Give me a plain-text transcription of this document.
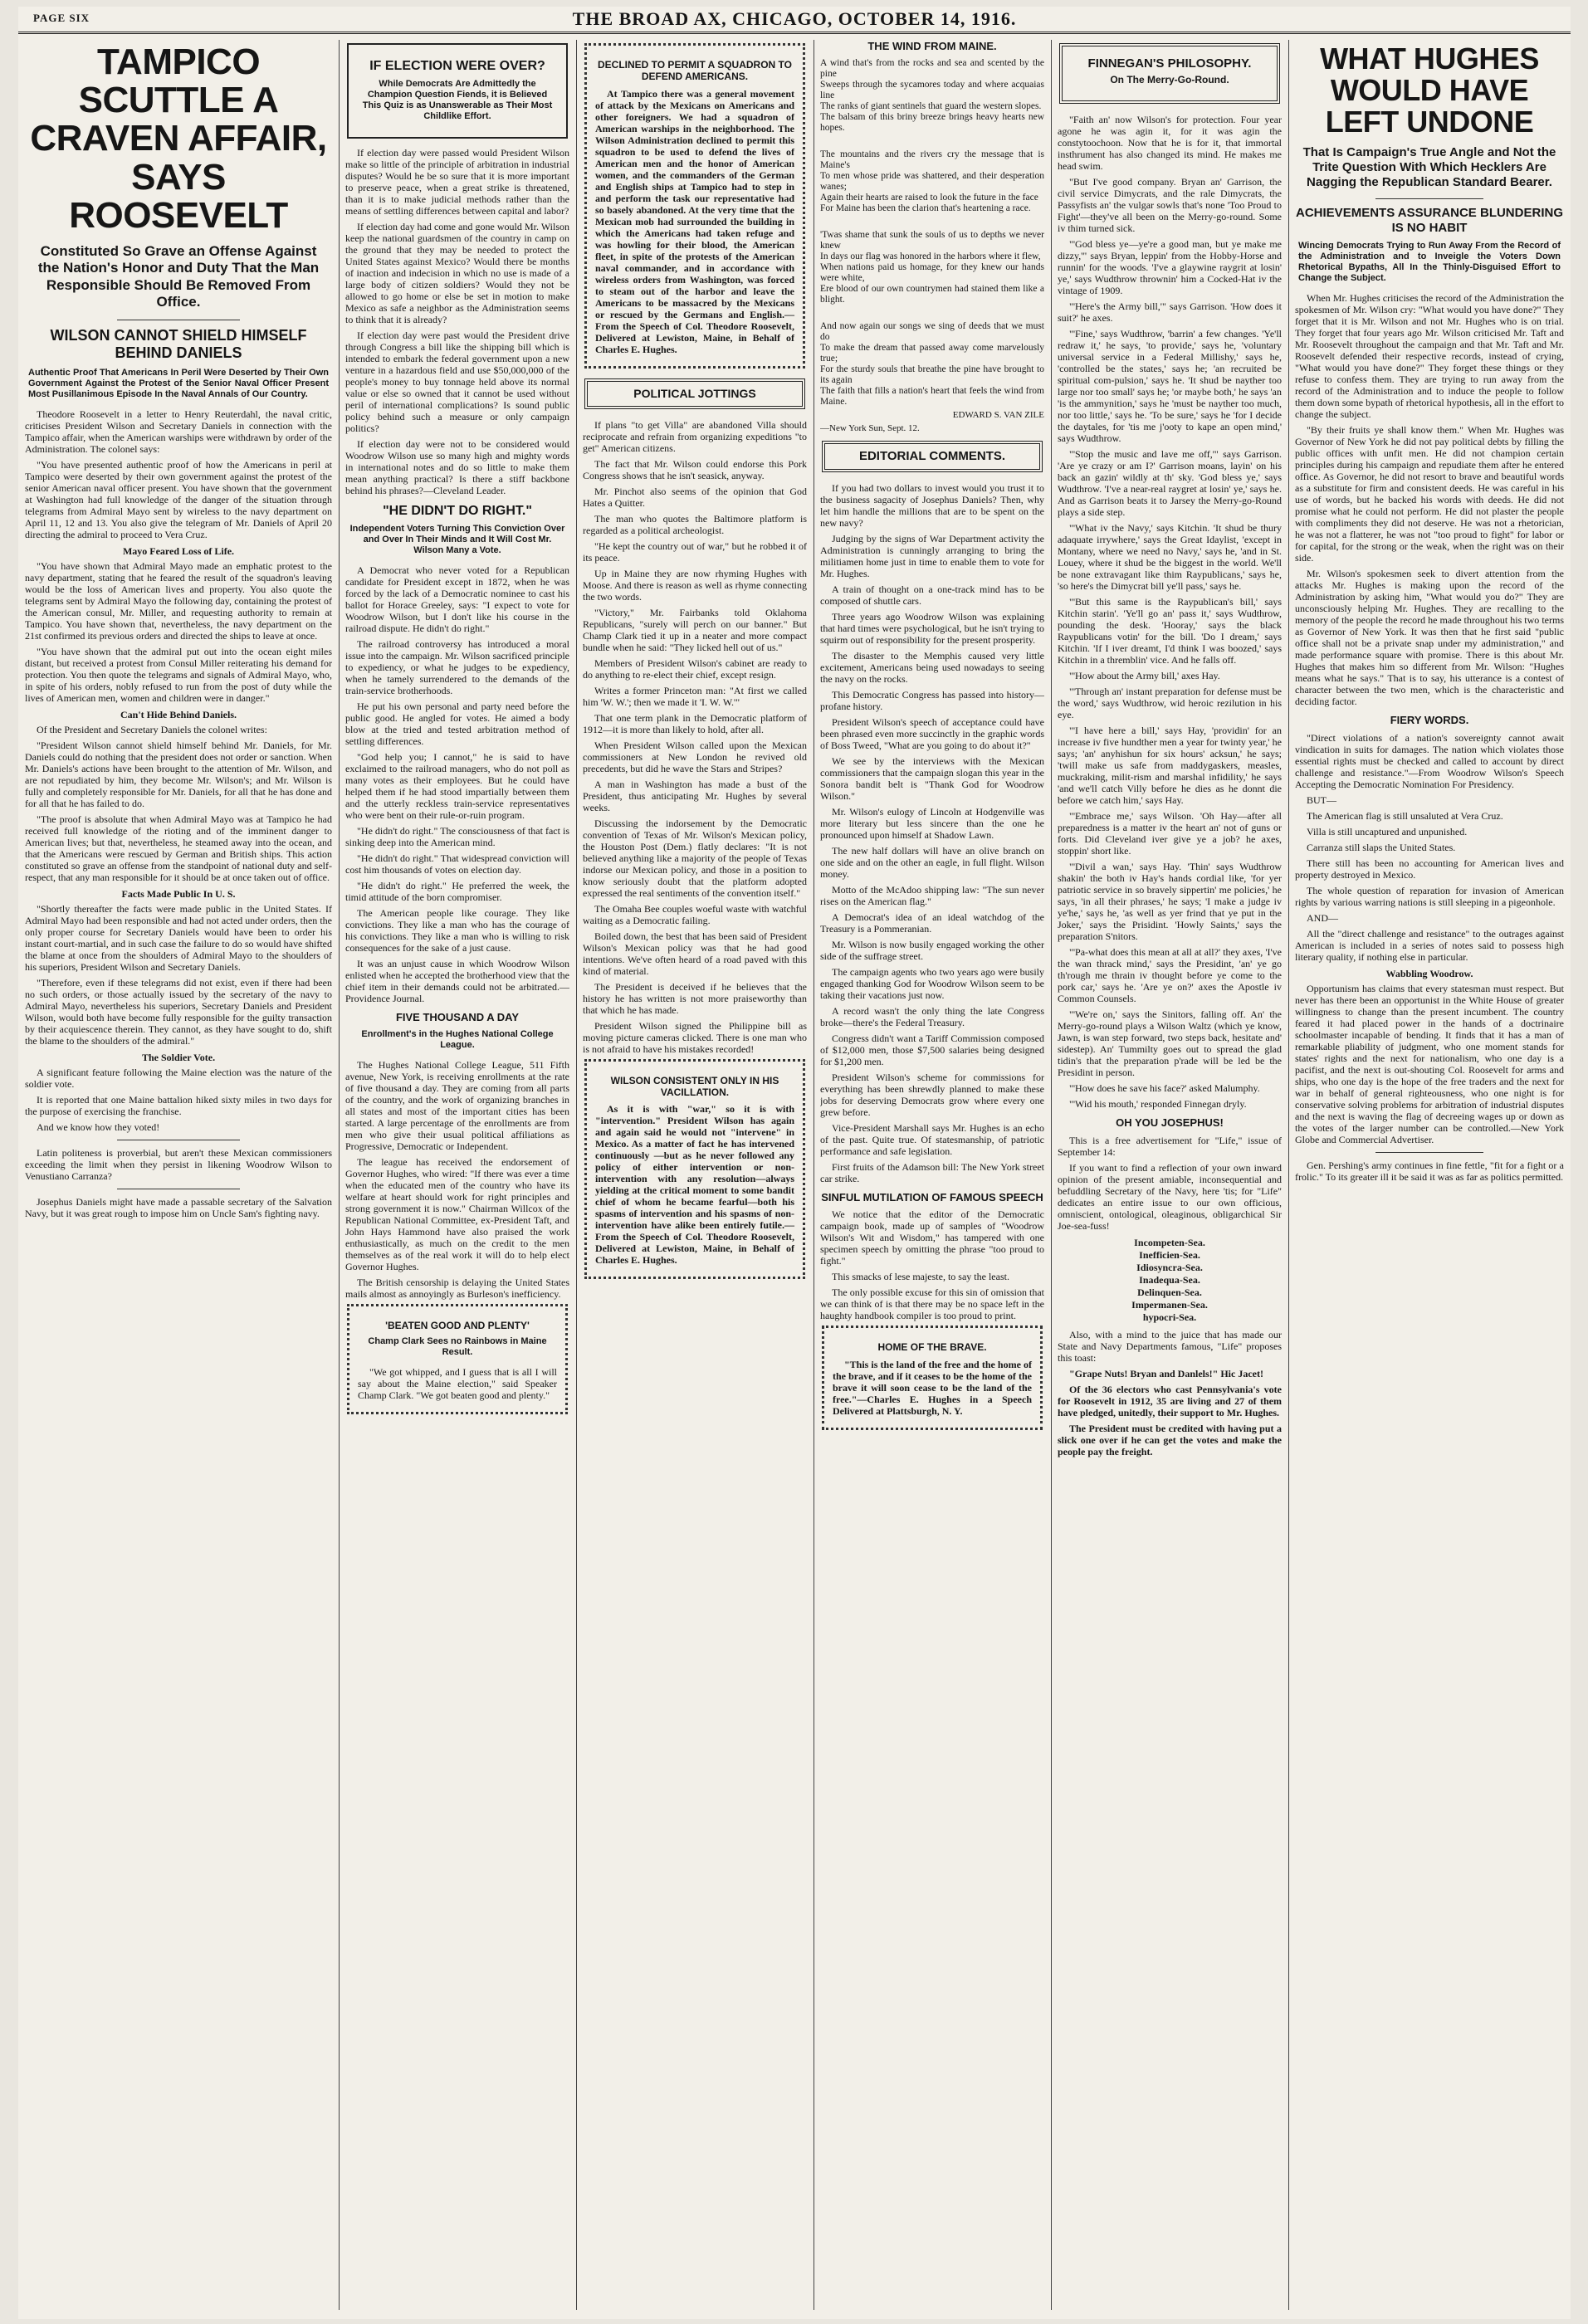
PAGE SIX	THE BROAD AX, CHICAGO, OCTOBER 14, 1916.
TAMPICO SCUTTLE A CRAVEN AFFAIR, SAYS ROOSEVELT
Constituted So Grave an Offense Against the Nation's Honor and Duty That the Man Responsible Should Be Removed From Office.
WILSON CANNOT SHIELD HIMSELF BEHIND DANIELS
Authentic Proof That Americans In Peril Were Deserted by Their Own Government Against the Protest of the Senior Naval Officer Present Most Pusillanimous Episode In the Naval Annals of Our Country.

Theodore Roosevelt in a letter to Henry Reuterdahl, the naval critic, criticises President Wilson and Secretary Daniels in connection with the Tampico affair, when the American warships were withdrawn by order of the Administration. The colonel says:

"You have presented authentic proof of how the Americans in peril at Tampico were deserted by their own government against the protest of the senior American naval officer present. You have shown that the government at Washington had full knowledge of the danger of the situation through telegrams from Admiral Mayo sent by wireless to the navy department on April 11, 12 and 13. You also give the telegram of Mr. Daniels of April 20 directing the admiral to proceed to Vera Cruz.

Mayo Feared Loss of Life.

"You have shown that Admiral Mayo made an emphatic protest to the navy department, stating that he feared the result of the squadron's leaving would be the loss of American lives and property. You also quote the telegrams sent by Admiral Mayo the following day, containing the protest of the American consul, Mr. Miller, and requesting authority to remain at Tampico. You have shown that, nevertheless, the navy department on the 21st confirmed its previous orders and directed the ships to leave at once.

"You have shown that the admiral put out into the ocean eight miles distant, but received a protest from Consul Miller reiterating his demand for protection. You then quote the telegrams and signals of Admiral Mayo, who, in spite of his orders, nobly refused to run from the post of duty while the lives of American men, women and children were in danger."

Can't Hide Behind Daniels.

Of the President and Secretary Daniels the colonel writes:

"President Wilson cannot shield himself behind Mr. Daniels, for Mr. Daniels could do nothing that the president does not order or sanction. When Mr. Daniels's actions have been brought to the attention of Mr. Wilson, and are not repudiated by him, they become Mr. Wilson's; and Mr. Wilson is fully and completely responsible for Mr. Daniels, for all that he has done and for all that he has failed to do.

"The proof is absolute that when Admiral Mayo was at Tampico he had received full knowledge of the rioting and of the imminent danger to American lives; but that, nevertheless, he steamed away into the ocean, and that the Americans were rescued by German and British ships. This action constituted so grave an offense from the standpoint of national duty and self-respect, that any man responsible for it should be at once taken out of office.

Facts Made Public In U. S.

"Shortly thereafter the facts were made public in the United States. If Admiral Mayo had been responsible and had not acted under orders, then the only proper course for Secretary Daniels would have been to order his instant court-martial, and in such case the failure to do so would have shifted the blame at once from the shoulders of Admiral Mayo to the shoulders of his superiors, President Wilson and Secretary Daniels.

"Therefore, even if these telegrams did not exist, even if there had been no such orders, or those actually issued by the secretary of the navy to Admiral Mayo, nevertheless his superiors, Secretary Daniels and President Wilson, would both have become fully responsible for the guilty transaction by their acquiescence therein. They cannot, as they have sought to do, shift the blame to the shoulders of the admiral."

The Soldier Vote.

A significant feature following the Maine election was the nature of the soldier vote.

It is reported that one Maine battalion hiked sixty miles in two days for the purpose of exercising the franchise.

And we know how they voted!

Latin politeness is proverbial, but aren't these Mexican commissioners exceeding the limit when they persist in likening Woodrow Wilson to Venustiano Carranza?

Josephus Daniels might have made a passable secretary of the Salvation Navy, but it was great rough to impose him on Uncle Sam's fighting navy.

IF ELECTION WERE OVER?
While Democrats Are Admittedly the Champion Question Fiends, it is Believed This Quiz is as Unanswerable as Their Most Childlike Effort.

If election day were passed would President Wilson make so little of the principle of arbitration in industrial disputes? Would he be so sure that it is more important to preserve peace, when a great strike is threatened, than it is to make judicial methods rather than the means of settling differences between capital and labor?

If election day had come and gone would Mr. Wilson keep the national guardsmen of the country in camp on the ground that they may be needed to protect the United States against Mexico? Would there be months of inaction and indecision in which no use is made of a large body of citizen soldiers? Would they not be allowed to go home or else be set in motion to make Mexico as safe a neighbor as the Administration seems to think that it is already?

If election day were past would the President drive through Congress a bill like the shipping bill which is intended to embark the federal government upon a new venture in a hazardous field and use $50,000,000 of the people's money to buy tonnage held above its normal value or else so owned that it cannot be used without peril of international complications? Is sound public policy behind such a measure or only campaign politics?

If election day were not to be considered would Woodrow Wilson use so many high and mighty words in international notes and do so little to make them mean anything practical? Is there a stiff backbone behind his phrases?—Cleveland Leader.

"HE DIDN'T DO RIGHT."
Independent Voters Turning This Conviction Over and Over In Their Minds and It Will Cost Mr. Wilson Many a Vote.

A Democrat who never voted for a Republican candidate for President except in 1872, when he was forced by the lack of a Democratic nominee to cast his ballot for Horace Greeley, says: "I expect to vote for Woodrow Wilson, but I don't like his course in the railroad dispute. He didn't do right."

The railroad controversy has introduced a moral issue into the campaign. Mr. Wilson sacrificed principle to expediency, or what he judges to be expediency, when he tamely surrendered to the demands of the train-service brotherhoods.

He put his own personal and party need before the public good. He angled for votes. He aimed a body blow at the tried and tested arbitration method of settling differences.

"God help you; I cannot," he is said to have exclaimed to the railroad managers, who do not poll as many votes as their employees. But he could have helped them if he had stood impartially between them and the utterly reckless train-service representatives who were bent on their rule-or-ruin program.

"He didn't do right." The consciousness of that fact is sinking deep into the American mind.

"He didn't do right." That widespread conviction will cost him thousands of votes on election day.

"He didn't do right." He preferred the week, the timid attitude of the born compromiser.

The American people like courage. They like convictions. They like a man who has the courage of his convictions. They like a man who is willing to risk consequences for the sake of a just cause.

It was an unjust cause in which Woodrow Wilson enlisted when he accepted the brotherhood view that the chief item in their demands could not be arbitrated.—Providence Journal.

FIVE THOUSAND A DAY
Enrollment's in the Hughes National College League.

The Hughes National College League, 511 Fifth avenue, New York, is receiving enrollments at the rate of five thousand a day. They are coming from all parts of the country, and the work of organizing branches in all states and most of the important cities has been started. A large percentage of the enrollments are from men who give their usual political affiliations as Progressive, Democratic or Independent.

The league has received the endorsement of Governor Hughes, who wired: "If there was ever a time when the educated men of the country who have its welfare at heart should work for right principles and strong government it is now." Chairman Willcox of the Republican National Committee, ex-President Taft, and John Hays Hammond have also praised the work enthusiastically, as much on the credit to the men themselves as of the real work it will do to help elect Governor Hughes.

The British censorship is delaying the United States mails almost as annoyingly as Burleson's inefficiency.

'BEATEN GOOD AND PLENTY'
Champ Clark Sees no Rainbows in Maine Result.

"We got whipped, and I guess that is all I will say about the Maine election," said Speaker Champ Clark. "We got beaten good and plenty."

DECLINED TO PERMIT A SQUADRON TO DEFEND AMERICANS.

At Tampico there was a general movement of attack by the Mexicans on Americans and other foreigners. We had a squadron of American warships in the neighborhood. The Wilson Administration declined to permit this squadron to be used to defend the lives of American men and the honor of American women, and the commanders of the German and English ships at Tampico had to step in and perform the task our representative had so basely abandoned. At the very time that the Mexican mob had surrounded the building in which the Americans had taken refuge and was howling for their blood, the American fleet, in spite of the protests of the American naval commander, and in accordance with wireless orders from Washington, was forced to steam out of the harbor and leave the Americans to be massacred by the Mexicans or rescued by the Germans and English.—From the Speech of Col. Theodore Roosevelt, Delivered at Lewiston, Maine, in Behalf of Charles E. Hughes.

POLITICAL JOTTINGS

If plans "to get Villa" are abandoned Villa should reciprocate and refrain from organizing expeditions "to get" American citizens.

The fact that Mr. Wilson could endorse this Pork Congress shows that he isn't seasick, anyway.

Mr. Pinchot also seems of the opinion that God Hates a Quitter.

The man who quotes the Baltimore platform is regarded as a political archeologist.

"He kept the country out of war," but he robbed it of its peace.

Up in Maine they are now rhyming Hughes with Moose. And there is reason as well as rhyme connecting the two words.

"Victory," Mr. Fairbanks told Oklahoma Republicans, "surely will perch on our banner." But Champ Clark tied it up in a neater and more compact bundle when he said: "They licked hell out of us."

Members of President Wilson's cabinet are ready to do anything to re-elect their chief, except resign.

Writes a former Princeton man: "At first we called him 'W. W.'; then we made it 'I. W. W.'"

That one term plank in the Democratic platform of 1912—it is more than likely to hold, after all.

When President Wilson called upon the Mexican commissioners at New London he revived old precedents, but did he wave the Stars and Stripes?

A man in Washington has made a bust of the President, thus anticipating Mr. Hughes by several weeks.

Discussing the indorsement by the Democratic convention of Texas of Mr. Wilson's Mexican policy, the Houston Post (Dem.) flatly declares: "It is not believed anything like a majority of the people of Texas indorse our Mexican policy, and those in a position to know seriously doubt that the platform adopted expressed the real sentiments of the convention itself."

The Omaha Bee couples woeful waste with watchful waiting as a Democratic failing.

Boiled down, the best that has been said of President Wilson's Mexican policy was that he had good intentions. We've often heard of a road paved with this kind of material.

The President is deceived if he believes that the history he has written is not more praiseworthy than that which he has made.

President Wilson signed the Philippine bill as moving picture cameras clicked. There is one man who is not afraid to have his mistakes recorded!

WILSON CONSISTENT ONLY IN HIS VACILLATION.

As it is with "war," so it is with "intervention." President Wilson has again and again said he would not "intervene" in Mexico. As a matter of fact he has intervened continuously —but as he never followed any policy of either intervention or non-intervention with any resolution—always yielding at the critical moment to some bandit chief of whom he became fearful—both his spasms of intervention and his spasms of non-intervention have alike been entirely futile.—From the Speech of Col. Theodore Roosevelt, Delivered at Lewiston, Maine, in Behalf of Charles E. Hughes.

THE WIND FROM MAINE.

A wind that's from the rocks and sea and scented by the pine

Sweeps through the sycamores today and where acquaias line

The ranks of giant sentinels that guard the western slopes.

The balsam of this briny breeze brings heavy hearts new hopes.

The mountains and the rivers cry the message that is Maine's

To men whose pride was shattered, and their desperation wanes;

Again their hearts are raised to look the future in the face

For Maine has been the clarion that's heartening a race.

'Twas shame that sunk the souls of us to depths we never knew

In days our flag was honored in the harbors where it flew,

When nations paid us homage, for they knew our hands were white,

Ere blood of our own countrymen had stained them like a blight.

And now again our songs we sing of deeds that we must do

To make the dream that passed away come marvelously true;

For the sturdy souls that breathe the pine have brought to its again

The faith that fills a nation's heart that feels the wind from Maine.

EDWARD S. VAN ZILE
—New York Sun, Sept. 12.
EDITORIAL COMMENTS.

If you had two dollars to invest would you trust it to the business sagacity of Josephus Daniels? Then, why let him handle the millions that are to be spent on the new navy?

Judging by the signs of War Department activity the Administration is cunningly arranging to bring the militiamen home just in time to enable them to vote for Mr. Hughes.

A train of thought on a one-track mind has to be composed of shuttle cars.

Three years ago Woodrow Wilson was explaining that hard times were psychological, but he isn't trying to squirm out of responsibility for the present prosperity.

The disaster to the Memphis caused very little excitement, Americans being used nowadays to seeing the navy on the rocks.

This Democratic Congress has passed into history—profane history.

President Wilson's speech of acceptance could have been phrased even more succinctly in the graphic words of Boss Tweed, "What are you going to do about it?"

We see by the interviews with the Mexican commissioners that the campaign slogan this year in the Sonora bandit belt is "Thank God for Woodrow Wilson."

Mr. Wilson's eulogy of Lincoln at Hodgenville was more literary but less sincere than the one he pronounced upon himself at Shadow Lawn.

The new half dollars will have an olive branch on one side and on the other an eagle, in full flight. Wilson money.

Motto of the McAdoo shipping law: "The sun never rises on the American flag."

A Democrat's idea of an ideal watchdog of the Treasury is a Pommeranian.

Mr. Wilson is now busily engaged working the other side of the suffrage street.

The campaign agents who two years ago were busily engaged thanking God for Woodrow Wilson seem to be taking their vacations just now.

A record wasn't the only thing the late Congress broke—there's the Federal Treasury.

Congress didn't want a Tariff Commission composed of $12,000 men, those $7,500 salaries being designed for $1,200 men.

President Wilson's scheme for commissions for everything has been shrewdly planned to make these jobs for deserving Democrats grow where every one grew before.

Vice-President Marshall says Mr. Hughes is an echo of the past. Quite true. Of statesmanship, of patriotic performance and safe legislation.

First fruits of the Adamson bill: The New York street car strike.

SINFUL MUTILATION OF FAMOUS SPEECH

We notice that the editor of the Democratic campaign book, made up of samples of "Woodrow Wilson's Wit and Wisdom," has tampered with one specimen speech by omitting the phrase "too proud to fight."

This smacks of lese majeste, to say the least.

The only possible excuse for this sin of omission that we can think of is that there may be no space left in the haughty handbook compiler is too proud to print.

HOME OF THE BRAVE.

"This is the land of the free and the home of the brave, and if it ceases to be the home of the brave it will soon cease to be the land of the free."—Charles E. Hughes in a Speech Delivered at Plattsburgh, N. Y.

FINNEGAN'S PHILOSOPHY.
On The Merry-Go-Round.

"Faith an' now Wilson's for protection. Four year agone he was agin it, for it was agin the constytoochoon. Now that he is for it, that immortal insthrument has also changed its mind. He makes me head swim.

"But I've good company. Bryan an' Garrison, the civil service Dimycrats, and the rale Dimycrats, the Passyfists an' the vulgar sowls that's none 'Too Proud to Fight'—they've all been on the Merry-go-round. Some iv thim turned sick.

"'God bless ye—ye're a good man, but ye make me dizzy,'" says Bryan, leppin' from the Hobby-Horse and runnin' for the woods. 'I've a glaywine raygrit at losin' ye,' says Wudthrow thrownin' him a Cocked-Hat iv the vintage of 1909.

"'Here's the Army bill,'" says Garrison. 'How does it suit?' he axes.

"'Fine,' says Wudthrow, 'barrin' a few changes. 'Ye'll redraw it,' he says, 'to provide,' says he, 'voluntary universal service in a Federal Millishy,' says he, 'controlled be the states,' says he; 'an recruited be spiritual com-pulsion,' says he. 'It shud be nayther too large nor too small' says he; 'or maybe both,' he says 'an 'is the ammynition,' says he 'must be nayther too much, nor too little,' says he. 'To be sure,' says he 'for I decide the daytales, for 'tis me j'ooty to kape an open mind,' says Wudthrow.

"'Stop the music and lave me off,'" says Garrison. 'Are ye crazy or am I?' Garrison moans, layin' on his back an gazin' wildly at th' sky. 'God bless ye,' says Wudthrow. 'I've a near-real raygret at losin' ye,' says he. And as Garrison beats it to Jarsey the Merry-go-Round plays a side step.

"'What iv the Navy,' says Kitchin. 'It shud be thury adaquate irrywhere,' says the Great Idaylist, 'except in Montany, where we need no Navy,' says he, 'and in St. Louey, where it shud be the biggest in the world. We'll be none extravagant like thim Raypublicans,' says he, 'so here's the Dimycrat bill ye'll pass,' says he.

"'But this same is the Raypublican's bill,' says Kitchin starin'. 'Ye'll go an' pass it,' says Wudthrow, pounding the desk. 'Hooray,' says the black Raypublicans votin' for the bill. 'Do I dream,' says Kitchin. 'If I iver dreamt, I'd think I was boozed,' says Kitchin in a thremblin' vice. And he falls off.

"'How about the Army bill,' axes Hay.

"'Through an' instant preparation for defense must be the word,' says Wudthrow, wid heroic rezilution in his eye.

"'I have here a bill,' says Hay, 'providin' for an increase iv five hundther men a year for twinty year,' he says; 'an' anyhishun for six hours' acksun,' he says; 'twill make us safe from maddygaskers, measles, muckraking, milit-rism and marshal infidility,' he says 'and we'll catch Villy before he dies as he donnt die before we catch him,' says Hay.

"'Embrace me,' says Wilson. 'Oh Hay—after all preparedness is a matter iv the heart an' not of guns or forts. Did Cleveland iver give ye a job? he axes, stoppin' short like.

"'Divil a wan,' says Hay. 'Thin' says Wudthrow shakin' the both iv Hay's hands cordial like, 'for yer patriotic service in so bravely sippertin' me policies,' he says, 'in all their phrases,' he says; 'I make a judge iv ye'he,' says he, 'as well as yer frind that ye put in the Joker,' says the Prisidint. 'Howly Saints,' says the preparation S'nitors.

"'Pa-what does this mean at all at all?' they axes, 'I've the wan thrack mind,' says the Presidint, 'an' ye go th'rough me thrain iv thought before ye come to the pork car,' says he. 'Are ye on?' axes the Apostle iv Common Counsels.

"'We're on,' says the Sinitors, falling off. An' the Merry-go-round plays a Wilson Waltz (which ye know, Jawn, is wan step forward, two steps back, hesitate and' sidestep). An' Tummilty goes out to spread the glad tidin's that the preparation p'rade will be led be the Presidint in person.

"'How does he save his face?' asked Malumphy.

"'Wid his mouth,' responded Finnegan dryly.

OH YOU JOSEPHUS!

This is a free advertisement for "Life," issue of September 14:

If you want to find a reflection of your own inward opinion of the present amiable, inconsequential and befuddling Secretary of the Navy, here 'tis; for "Life" dedicates an entire issue to our own officious, omniscient, ontological, oleaginous, obligarchical Sir Joe-sea-fuss!

Incompeten-Sea.
Inefficien-Sea.
Idiosyncra-Sea.
Inadequa-Sea.
Delinquen-Sea.
Impermanen-Sea.
hypocri-Sea.

Also, with a mind to the juice that has made our State and Navy Departments famous, "Life" proposes this toast:

"Grape Nuts! Bryan and Danlels!" Hic Jacet!

Of the 36 electors who cast Pennsylvania's vote for Roosevelt in 1912, 35 are living and 27 of them have pledged, unitedly, their support to Mr. Hughes.

The President must be credited with having put a slick one over if he can get the votes and make the people pay the freight.

WHAT HUGHES WOULD HAVE LEFT UNDONE
That Is Campaign's True Angle and Not the Trite Question With Which Hecklers Are Nagging the Republican Standard Bearer.
ACHIEVEMENTS ASSURANCE BLUNDERING IS NO HABIT
Wincing Democrats Trying to Run Away From the Record of the Administration and to Inveigle the Voters Down Rhetorical Bypaths, All In the Thinly-Disguised Effort to Change the Subject.

When Mr. Hughes criticises the record of the Administration the spokesmen of Mr. Wilson cry: "What would you have done?" They forget that it is Mr. Wilson and not Mr. Hughes who is on trial. They forget that four years ago Mr. Wilson criticised Mr. Taft and Mr. Roosevelt throughout the campaign and that Mr. Taft and Mr. Roosevelt defended their respective records, instead of crying, "What would you have done?" They forget these things or they refuse to confess them. They are trying to run away from the record of the Administration and to induce the people to follow them down some bypath of rhetorical hypothesis, all in the effort to change the subject.

"By their fruits ye shall know them." When Mr. Hughes was Governor of New York he did not pay political debts by filling the public offices with unfit men. He did not champion certain principles during his campaign and repudiate them after he entered office. As Governor, he did not resort to brave and beautiful words as a substitute for firm and consistent deeds. He was careful in his use of words, but he backed his words with deeds. He did not promise what he could not perform. He did not plaster the people with compliments they did not deserve. He was not a rhetorician, he was not a flatterer, he was not "too proud to fight" for labor or for capital, for the strong or the weak, when the right was on their side.

Mr. Wilson's spokesmen seek to divert attention from the attacks Mr. Hughes is making upon the record of the Administration by asking him, "What would you do?" They are unconsciously helping Mr. Hughes. They are recalling to the memory of the people the record he made throughout his two terms as Governor of New York. It was then that he first said "public office shall not be a private snap under my administration," and made performance square with promise. There is this about Mr. Hughes that makes him so different from Mr. Wilson: "Hughes means what he says." That is to say, his utterance is a contest of character between the two men, which is the characteristic and deciding factor.

FIERY WORDS.

"Direct violations of a nation's sovereignty cannot await vindication in suits for damages. The nation which violates those essential rights must be checked and called to account by direct challenge and resistance."—From Woodrow Wilson's Speech Accepting the Democratic Nomination For Presidency.

BUT—

The American flag is still unsaluted at Vera Cruz.

Villa is still uncaptured and unpunished.

Carranza still slaps the United States.

There still has been no accounting for American lives and property destroyed in Mexico.

The whole question of reparation for invasion of American rights by various warring nations is still sleeping in a pigeonhole.

AND—

All the "direct challenge and resistance" to the outrages against American is included in a series of notes said to possess high literary quality, if nothing else in particular.

Wabbling Woodrow.

Opportunism has claims that every statesman must respect. But never has there been an opportunist in the White House of greater willingness to change than the present incumbent. The country feared it had placed power in the hands of a doctrinaire schoolmaster incapable of bending. It finds that it has a man of remarkable pliability of judgment, who one moment stands for states' rights and the next for nationalism, who one day is a pacifist, and the next is out-shouting Col. Roosevelt for arms and ships, who one day is the hope of the free traders and the next for war in behalf of general righteousness, who one night is for conservative solving problems for arbitration of industrial disputes and the next is waving the flag of decreeing wages up or down as the votes of the larger number can be controlled.—New York Globe and Commercial Advertiser.

Gen. Pershing's army continues in fine fettle, "fit for a fight or a frolic." To its greater ill it be said it was as far as politics permitted.
